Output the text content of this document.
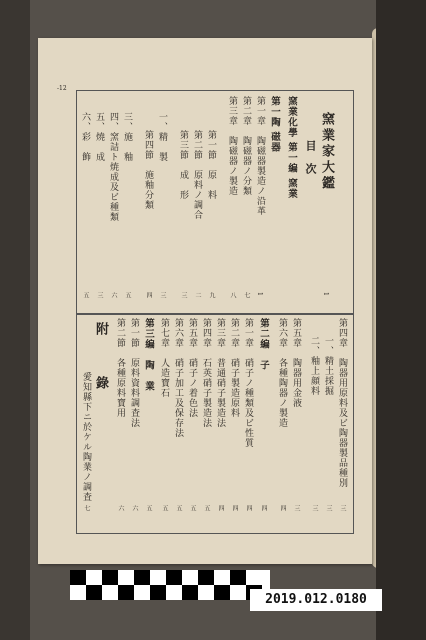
-12
窯業家大鑑
目次
窯業化學 第一編 窯業
第一陶 磁器
第一章　陶磁器製造ノ沿革
第二章　陶磁器ノ分類
第三章　陶磁器ノ製造
第一節　原　料
第二節　原料ノ調合
第三節　成　形
一、精　製
第四節　施釉分類
三、施　釉
四、窯詰ト焼成及ビ種類
五、燒　成
六、彩　飾
1
1
七
八
九
二
三
三
四
五
六
三
五
第四章　陶器用原料及ビ陶器製品種別
一、精土採掘
二、釉上顔料
第五章　陶器用金液
第六章　各種陶器ノ製造
第二編　子
第一章　硝子ノ種類及ビ性質
第二章　硝子製造原料
第三章　普通硝子製造法
第四章　石英硝子製造法
第五章　硝子ノ着色法
第六章　硝子加工及保存法
第七章　人造寶石
第三編　陶　業
第一節　原料資料調査法
第二節　各種原料寶用
附　錄
愛知縣下ニ於ケル陶業ノ調査
三
三
三
三
四
四
四
四
四
五
五
五
五
五
六
六
七
2019.012.0180
